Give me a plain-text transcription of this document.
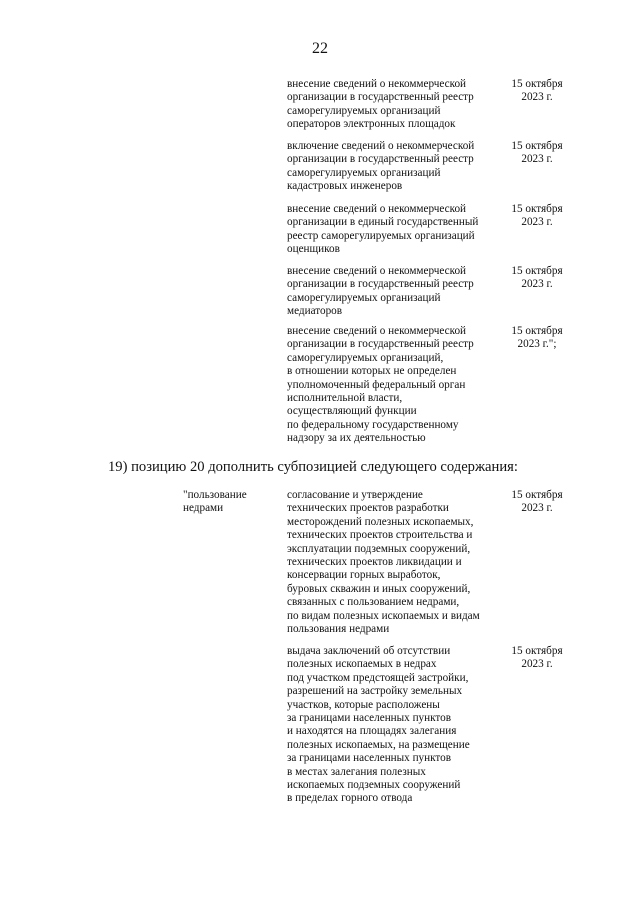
22
внесение сведений о некоммерческой
организации в государственный реестр
саморегулируемых организаций
операторов электронных площадок
15 октября
2023 г.
включение сведений о некоммерческой
организации в государственный реестр
саморегулируемых организаций
кадастровых инженеров
15 октября
2023 г.
внесение сведений о некоммерческой
организации в единый государственный
реестр саморегулируемых организаций
оценщиков
15 октября
2023 г.
внесение сведений о некоммерческой
организации в государственный реестр
саморегулируемых организаций
медиаторов
15 октября
2023 г.
внесение сведений о некоммерческой
организации в государственный реестр
саморегулируемых организаций,
в отношении которых не определен
уполномоченный федеральный орган
исполнительной власти,
осуществляющий функции
по федеральному государственному
надзору за их деятельностью
15 октября
2023 г.";
19) позицию 20 дополнить субпозицией следующего содержания:
"пользование
недрами
согласование и утверждение
технических проектов разработки
месторождений полезных ископаемых,
технических проектов строительства и
эксплуатации подземных сооружений,
технических проектов ликвидации и
консервации горных выработок,
буровых скважин и иных сооружений,
связанных с пользованием недрами,
по видам полезных ископаемых и видам
пользования недрами
15 октября
2023 г.
выдача заключений об отсутствии
полезных ископаемых в недрах
под участком предстоящей застройки,
разрешений на застройку земельных
участков, которые расположены
за границами населенных пунктов
и находятся на площадях залегания
полезных ископаемых, на размещение
за границами населенных пунктов
в местах залегания полезных
ископаемых подземных сооружений
в пределах горного отвода
15 октября
2023 г.
